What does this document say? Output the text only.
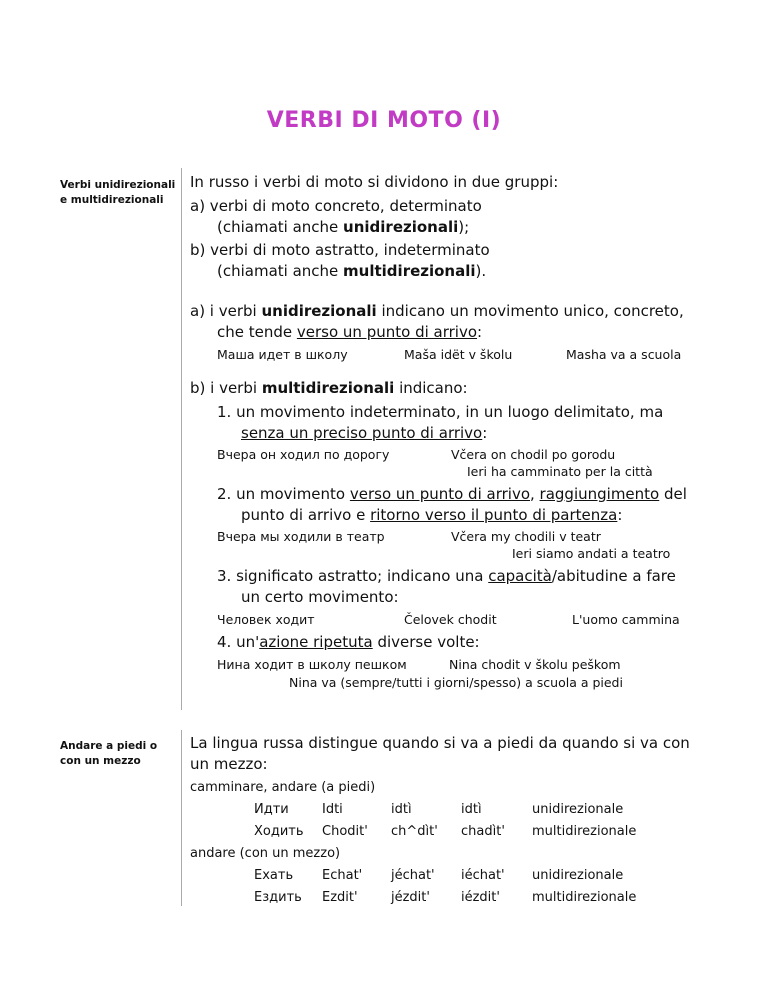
VERBI DI MOTO (I)
Verbi unidirezionali
e multidirezionali
In russo i verbi di moto si dividono in due gruppi:
a) verbi di moto concreto, determinato
(chiamati anche unidirezionali);
b) verbi di moto astratto, indeterminato
(chiamati anche multidirezionali).
a) i verbi unidirezionali indicano un movimento unico, concreto,
che tende verso un punto di arrivo:
Маша идет в школу	Maša idët v školu	Masha va a scuola
b) i verbi multidirezionali indicano:
1. un movimento indeterminato, in un luogo delimitato, ma
senza un preciso punto di arrivo:
Вчера он ходил по дорогу	Včera on chodil po gorodu
Ieri ha camminato per la città
2. un movimento verso un punto di arrivo, raggiungimento del
punto di arrivo e ritorno verso il punto di partenza:
Вчера мы ходили в театр	Včera my chodili v teatr
Ieri siamo andati a teatro
3. significato astratto; indicano una capacità/abitudine a fare
un certo movimento:
Человек ходит	Čelovek chodit	L'uomo cammina
4. un'azione ripetuta diverse volte:
Нина ходит в школу пешком	Nina chodit v školu peškom
Nina va (sempre/tutti i giorni/spesso) a scuola a piedi
Andare a piedi o
con un mezzo
La lingua russa distingue quando si va a piedi da quando si va con
un mezzo:
camminare, andare (a piedi)
Идти	Idti	idtì	idtì	unidirezionale
Ходить Chodit' ch^dìt' chadìt' multidirezionale
andare (con un mezzo)
Ехать Echat' jéchat' iéchat' unidirezionale
Ездить Ezdit'	jézdit' iézdit' multidirezionale
